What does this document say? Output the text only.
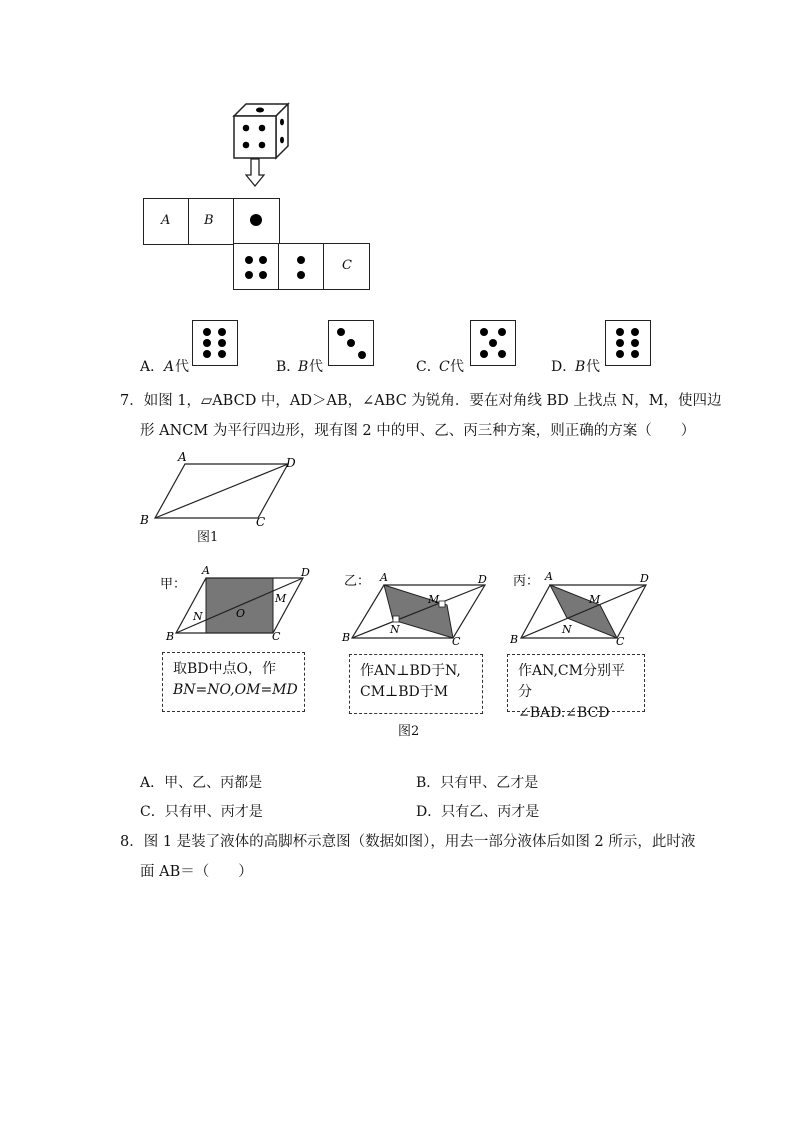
A	B
C
A． A 代	B．
B 代	C．
C 代	D．
B 代
7．如图 1，▱ABCD 中，AD＞AB，∠ABC 为锐角．要在对角线 BD 上找点 N，M，使四边
形 ANCM 为平行四边形，现有图 2 中的甲、乙、丙三种方案，则正确的方案（　　）
A	D
B	C
图1
甲：
A	D
B	C
N
M
O
取BD中点O，作
BN=NO,OM=MD
乙： A	D
B	C
N
M
作AN⊥BD于N,
CM⊥BD于M
丙： A	D
B	C
N
M
作AN,CM分别平分
∠BAD.∠BCD
图2
A．甲、乙、丙都是	B．只有甲、乙才是
C．只有甲、丙才是	D．只有乙、丙才是
8．图 1 是装了液体的高脚杯示意图（数据如图），用去一部分液体后如图 2 所示，此时液
面 AB＝（　　）
